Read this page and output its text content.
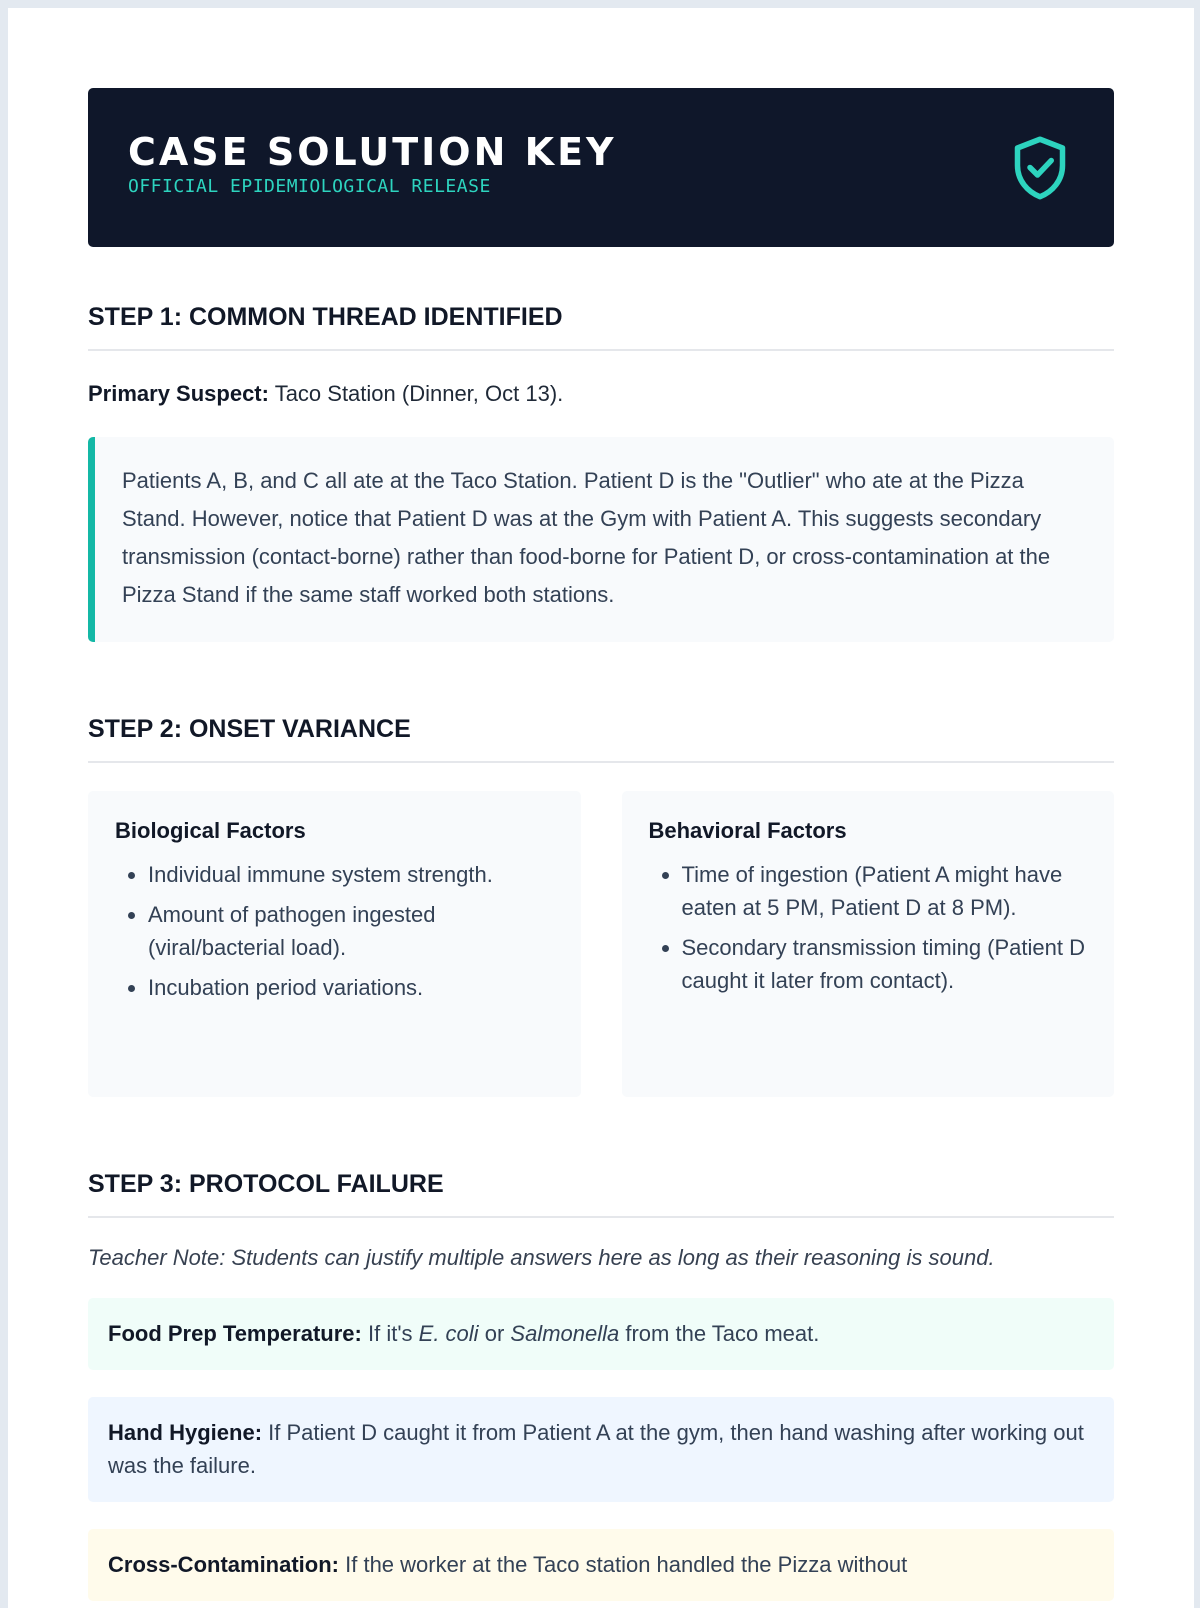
CASE SOLUTION KEY
OFFICIAL EPIDEMIOLOGICAL RELEASE
STEP 1: COMMON THREAD IDENTIFIED
Primary Suspect: Taco Station (Dinner, Oct 13).
Patients A, B, and C all ate at the Taco Station. Patient D is the "Outlier" who ate at the Pizza Stand. However, notice that Patient D was at the Gym with Patient A. This suggests secondary transmission (contact-borne) rather than food-borne for Patient D, or cross-contamination at the Pizza Stand if the same staff worked both stations.
STEP 2: ONSET VARIANCE
Biological Factors
• Individual immune system strength.
• Amount of pathogen ingested (viral/bacterial load).
• Incubation period variations.
Behavioral Factors
• Time of ingestion (Patient A might have eaten at 5 PM, Patient D at 8 PM).
• Secondary transmission timing (Patient D caught it later from contact).
STEP 3: PROTOCOL FAILURE
Teacher Note: Students can justify multiple answers here as long as their reasoning is sound.
Food Prep Temperature: If it's E. coli or Salmonella from the Taco meat.
Hand Hygiene: If Patient D caught it from Patient A at the gym, then hand washing after working out was the failure.
Cross-Contamination: If the worker at the Taco station handled the Pizza without
